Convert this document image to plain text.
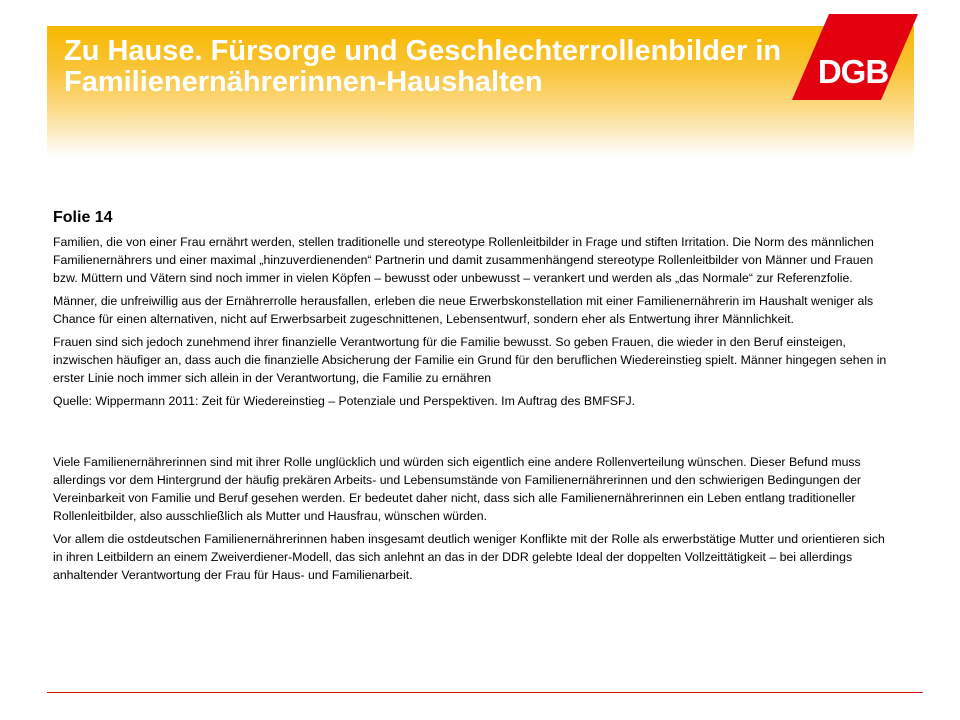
Zu Hause. Fürsorge und Geschlechterrollenbilder in Familienernährerinnen-Haushalten	DGB
Folie 14

Familien, die von einer Frau ernährt werden, stellen traditionelle und stereotype Rollenleitbilder in Frage und stiften Irritation. Die Norm des männlichen Familienernährers und einer maximal „hinzuverdienenden“ Partnerin und damit zusammenhängend stereotype Rollenleitbilder von Männer und Frauen bzw. Müttern und Vätern sind noch immer in vielen Köpfen – bewusst oder unbewusst – verankert und werden als „das Normale“ zur Referenzfolie.

Männer, die unfreiwillig aus der Ernährerrolle herausfallen, erleben die neue Erwerbskonstellation mit einer Familienernährerin im Haushalt weniger als Chance für einen alternativen, nicht auf Erwerbsarbeit zugeschnittenen, Lebensentwurf, sondern eher als Entwertung ihrer Männlichkeit.

Frauen sind sich jedoch zunehmend ihrer finanzielle Verantwortung für die Familie bewusst. So geben Frauen, die wieder in den Beruf einsteigen, inzwischen häufiger an, dass auch die finanzielle Absicherung der Familie ein Grund für den beruflichen Wiedereinstieg spielt. Männer hingegen sehen in erster Linie noch immer sich allein in der Verantwortung, die Familie zu ernähren

Quelle: Wippermann 2011: Zeit für Wiedereinstieg – Potenziale und Perspektiven. Im Auftrag des BMFSFJ.

Viele Familienernährerinnen sind mit ihrer Rolle unglücklich und würden sich eigentlich eine andere Rollenverteilung wünschen. Dieser Befund muss allerdings vor dem Hintergrund der häufig prekären Arbeits- und Lebensumstände von Familienernährerinnen und den schwierigen Bedingungen der Vereinbarkeit von Familie und Beruf gesehen werden. Er bedeutet daher nicht, dass sich alle Familienernährerinnen ein Leben entlang traditioneller Rollenleitbilder, also ausschließlich als Mutter und Hausfrau, wünschen würden.

Vor allem die ostdeutschen Familienernährerinnen haben insgesamt deutlich weniger Konflikte mit der Rolle als erwerbstätige Mutter und orientieren sich in ihren Leitbildern an einem Zweiverdiener-Modell, das sich anlehnt an das in der DDR gelebte Ideal der doppelten Vollzeittätigkeit – bei allerdings anhaltender Verantwortung der Frau für Haus- und Familienarbeit.
